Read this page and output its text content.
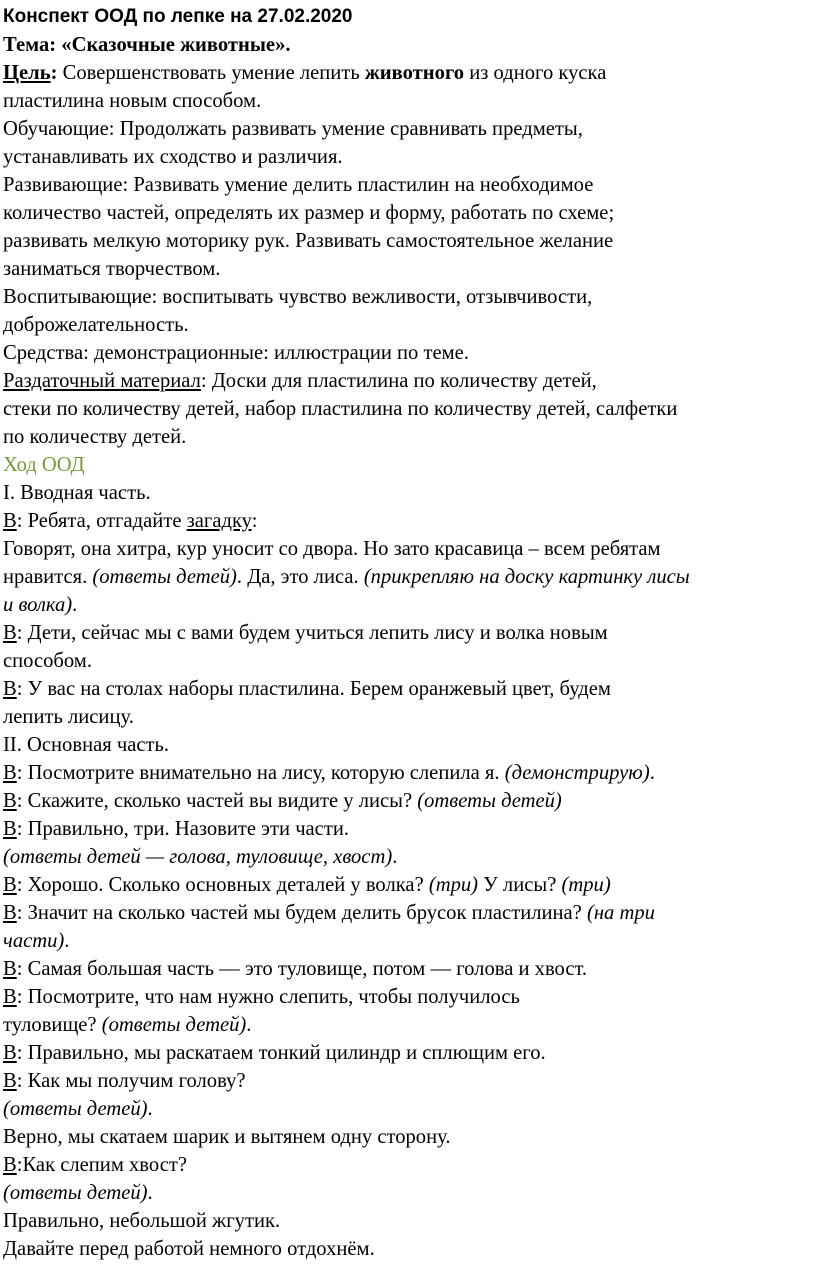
Конспект ООД по лепке на 27.02.2020

Тема: «Сказочные животные».

Цель: Совершенствовать умение лепить животного из одного куска

пластилина новым способом.

Обучающие: Продолжать развивать умение сравнивать предметы,

устанавливать их сходство и различия.

Развивающие: Развивать умение делить пластилин на необходимое

количество частей, определять их размер и форму, работать по схеме;

развивать мелкую моторику рук. Развивать самостоятельное желание

заниматься творчеством.

Воспитывающие: воспитывать чувство вежливости, отзывчивости,

доброжелательность.

Средства: демонстрационные: иллюстрации по теме.

Раздаточный материал: Доски для пластилина по количеству детей,

стеки по количеству детей, набор пластилина по количеству детей, салфетки

по количеству детей.

Ход ООД

I. Вводная часть.

В: Ребята, отгадайте загадку:

Говорят, она хитра, кур уносит со двора. Но зато красавица – всем ребятам

нравится. (ответы детей). Да, это лиса. (прикрепляю на доску картинку лисы

и волка).

В: Дети, сейчас мы с вами будем учиться лепить лису и волка новым

способом.

В: У вас на столах наборы пластилина. Берем оранжевый цвет, будем

лепить лисицу.

II. Основная часть.

В: Посмотрите внимательно на лису, которую слепила я. (демонстрирую).

В: Скажите, сколько частей вы видите у лисы? (ответы детей)

В: Правильно, три. Назовите эти части.

(ответы детей — голова, туловище, хвост).

В: Хорошо. Сколько основных деталей у волка? (три) У лисы? (три)

В: Значит на сколько частей мы будем делить брусок пластилина? (на три

части).

В: Самая большая часть — это туловище, потом — голова и хвост.

В: Посмотрите, что нам нужно слепить, чтобы получилось

туловище? (ответы детей).

В: Правильно, мы раскатаем тонкий цилиндр и сплющим его.

В: Как мы получим голову?

(ответы детей).

Верно, мы скатаем шарик и вытянем одну сторону.

В:Как слепим хвост?

(ответы детей).

Правильно, небольшой жгутик.

Давайте перед работой немного отдохнём.
